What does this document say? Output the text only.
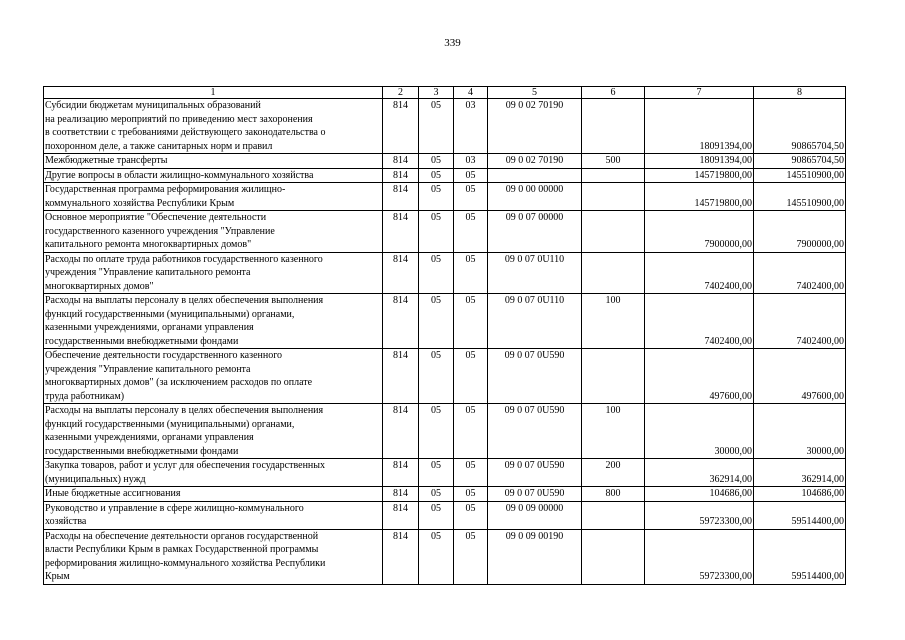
339
1	2	3	4	5	6	7	8

Субсидии бюджетам муниципальных образований
на реализацию мероприятий по приведению мест захоронения
в соответствии с требованиями действующего законодательства о
похоронном деле, а также санитарных норм и правил	814	05	03	09 0 02 70190		18091394,00	90865704,50

Межбюджетные трансферты	814	05	03	09 0 02 70190	500	18091394,00	90865704,50

Другие вопросы в области жилищно-коммунального хозяйства	814	05	05			145719800,00	145510900,00

Государственная программа реформирования жилищно-
коммунального хозяйства Республики Крым	814	05	05	09 0 00 00000		145719800,00	145510900,00

Основное мероприятие "Обеспечение деятельности
государственного казенного учреждения "Управление
капитального ремонта многоквартирных домов"	814	05	05	09 0 07 00000		7900000,00	7900000,00

Расходы по оплате труда работников государственного казенного
учреждения "Управление капитального ремонта
многоквартирных домов"	814	05	05	09 0 07 0U110		7402400,00	7402400,00

Расходы на выплаты персоналу в целях обеспечения выполнения
функций государственными (муниципальными) органами,
казенными учреждениями, органами управления
государственными внебюджетными фондами	814	05	05	09 0 07 0U110	100	7402400,00	7402400,00

Обеспечение деятельности государственного казенного
учреждения "Управление капитального ремонта
многоквартирных домов" (за исключением расходов по оплате
труда работникам)	814	05	05	09 0 07 0U590		497600,00	497600,00

Расходы на выплаты персоналу в целях обеспечения выполнения
функций государственными (муниципальными) органами,
казенными учреждениями, органами управления
государственными внебюджетными фондами	814	05	05	09 0 07 0U590	100	30000,00	30000,00

Закупка товаров, работ и услуг для обеспечения государственных
(муниципальных) нужд	814	05	05	09 0 07 0U590	200	362914,00	362914,00

Иные бюджетные ассигнования	814	05	05	09 0 07 0U590	800	104686,00	104686,00

Руководство и управление в сфере жилищно-коммунального
хозяйства	814	05	05	09 0 09 00000		59723300,00	59514400,00

Расходы на обеспечение деятельности органов государственной
власти Республики Крым в рамках Государственной программы
реформирования жилищно-коммунального хозяйства Республики
Крым	814	05	05	09 0 09 00190		59723300,00	59514400,00
